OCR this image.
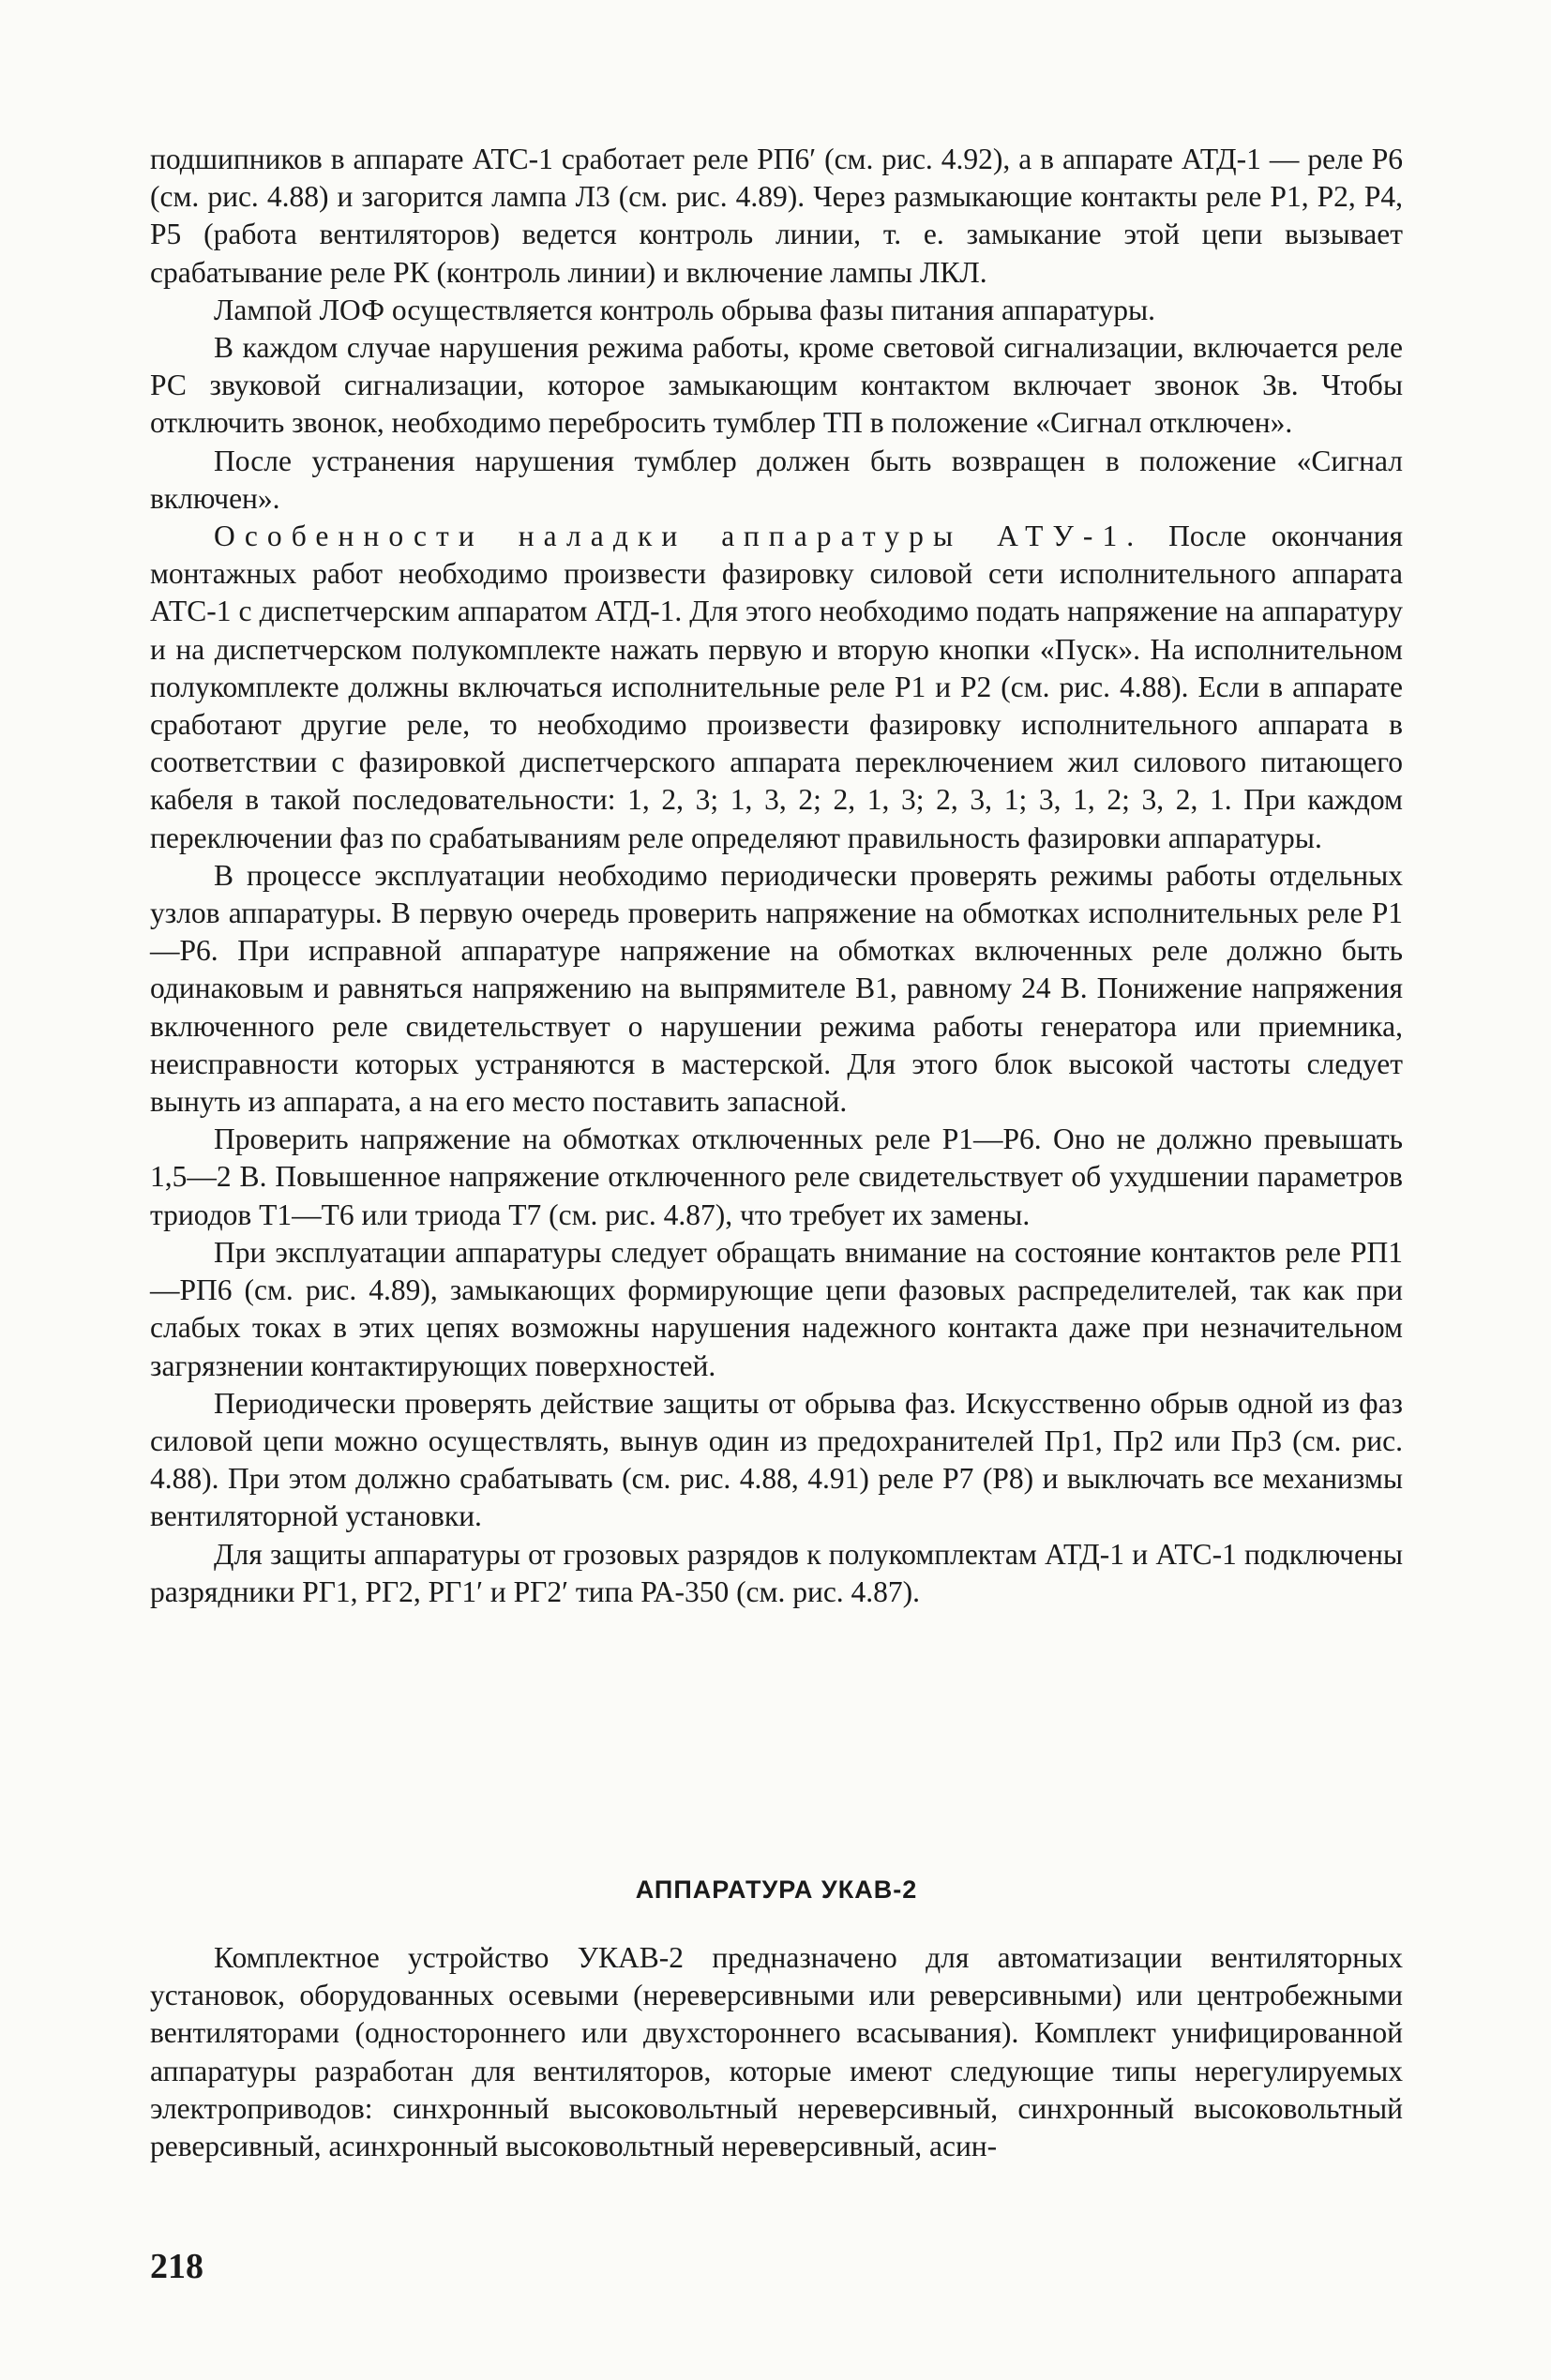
подшипников в аппарате АТС-1 сработает реле РП6′ (см. рис. 4.92), а в аппарате АТД-1 — реле Р6 (см. рис. 4.88) и загорится лампа Л3 (см. рис. 4.89). Через размыкающие контакты реле Р1, Р2, Р4, Р5 (работа вентиляторов) ведется контроль линии, т. е. замыкание этой цепи вызывает срабатывание реле РК (контроль линии) и включение лампы ЛКЛ.

Лампой ЛОФ осуществляется контроль обрыва фазы питания аппаратуры.

В каждом случае нарушения режима работы, кроме световой сигнализации, включается реле РС звуковой сигнализации, которое замыкающим контактом включает звонок Зв. Чтобы отключить звонок, необходимо перебросить тумблер ТП в положение «Сигнал отключен».

После устранения нарушения тумблер должен быть возвращен в положение «Сигнал включен».

Особенности наладки аппаратуры АТУ-1. После окончания монтажных работ необходимо произвести фазировку силовой сети исполнительного аппарата АТС-1 с диспетчерским аппаратом АТД-1. Для этого необходимо подать напряжение на аппаратуру и на диспетчерском полукомплекте нажать первую и вторую кнопки «Пуск». На исполнительном полукомплекте должны включаться исполнительные реле Р1 и Р2 (см. рис. 4.88). Если в аппарате сработают другие реле, то необходимо произвести фазировку исполнительного аппарата в соответствии с фазировкой диспетчерского аппарата переключением жил силового питающего кабеля в такой последовательности: 1, 2, 3; 1, 3, 2; 2, 1, 3; 2, 3, 1; 3, 1, 2; 3, 2, 1. При каждом переключении фаз по срабатываниям реле определяют правильность фазировки аппаратуры.

В процессе эксплуатации необходимо периодически проверять режимы работы отдельных узлов аппаратуры. В первую очередь проверить напряжение на обмотках исполнительных реле Р1—Р6. При исправной аппаратуре напряжение на обмотках включенных реле должно быть одинаковым и равняться напряжению на выпрямителе В1, равному 24 В. Понижение напряжения включенного реле свидетельствует о нарушении режима работы генератора или приемника, неисправности которых устраняются в мастерской. Для этого блок высокой частоты следует вынуть из аппарата, а на его место поставить запасной.

Проверить напряжение на обмотках отключенных реле Р1—Р6. Оно не должно превышать 1,5—2 В. Повышенное напряжение отключенного реле свидетельствует об ухудшении параметров триодов Т1—Т6 или триода Т7 (см. рис. 4.87), что требует их замены.

При эксплуатации аппаратуры следует обращать внимание на состояние контактов реле РП1—РП6 (см. рис. 4.89), замыкающих формирующие цепи фазовых распределителей, так как при слабых токах в этих цепях возможны нарушения надежного контакта даже при незначительном загрязнении контактирующих поверхностей.

Периодически проверять действие защиты от обрыва фаз. Искусственно обрыв одной из фаз силовой цепи можно осуществлять, вынув один из предохранителей Пр1, Пр2 или Пр3 (см. рис. 4.88). При этом должно срабатывать (см. рис. 4.88, 4.91) реле Р7 (Р8) и выключать все механизмы вентиляторной установки.

Для защиты аппаратуры от грозовых разрядов к полукомплектам АТД-1 и АТС-1 подключены разрядники РГ1, РГ2, РГ1′ и РГ2′ типа РА-350 (см. рис. 4.87).

АППАРАТУРА УКАВ-2

Комплектное устройство УКАВ-2 предназначено для автоматизации вентиляторных установок, оборудованных осевыми (нереверсивными или реверсивными) или центробежными вентиляторами (одностороннего или двухстороннего всасывания). Комплект унифицированной аппаратуры разработан для вентиляторов, которые имеют следующие типы нерегулируемых электроприводов: синхронный высоковольтный нереверсивный, синхронный высоковольтный реверсивный, асинхронный высоковольтный нереверсивный, асин-

218
